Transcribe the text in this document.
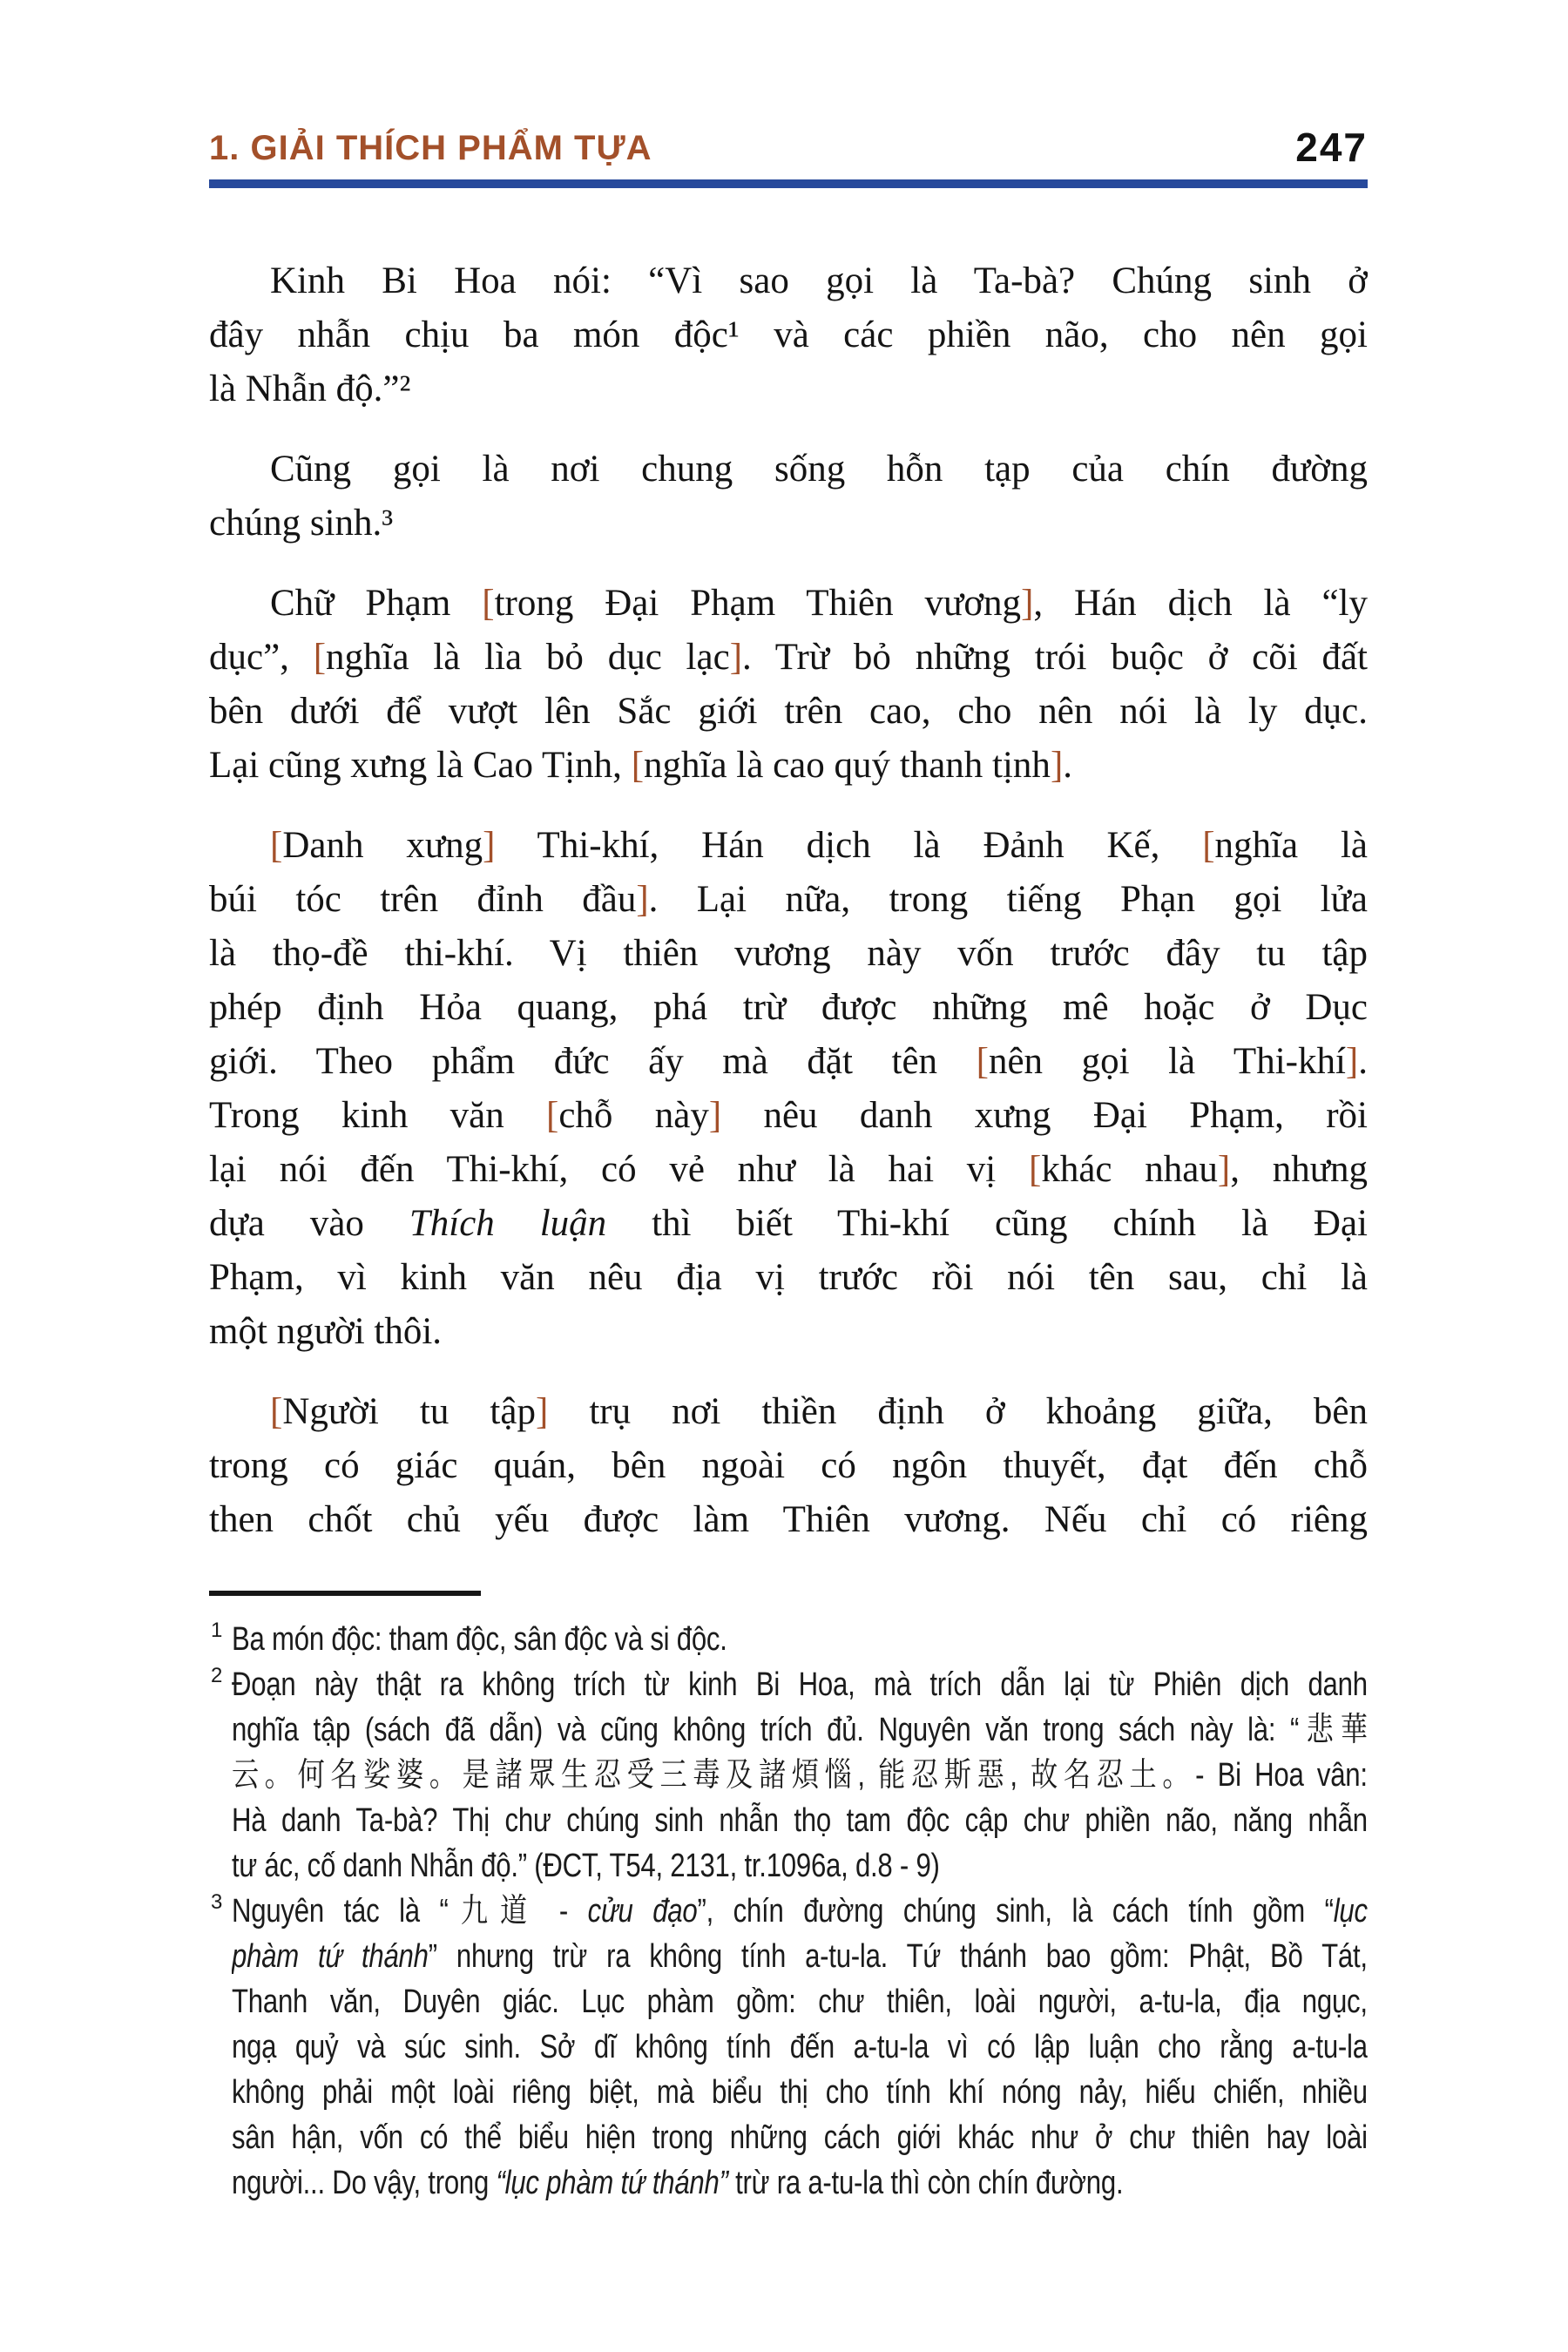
1. GIẢI THÍCH PHẨM TỰA	247
Kinh Bi Hoa nói: “Vì sao gọi là Ta-bà? Chúng sinh ở
đây nhẫn chịu ba món độc¹ và các phiền não, cho nên gọi
là Nhẫn độ.”²
Cũng gọi là nơi chung sống hỗn tạp của chín đường
chúng sinh.³
Chữ Phạm [trong Đại Phạm Thiên vương], Hán dịch là “ly
dục”, [nghĩa là lìa bỏ dục lạc]. Trừ bỏ những trói buộc ở cõi đất
bên dưới để vượt lên Sắc giới trên cao, cho nên nói là ly dục.
Lại cũng xưng là Cao Tịnh, [nghĩa là cao quý thanh tịnh].
[Danh xưng] Thi-khí, Hán dịch là Đảnh Kế, [nghĩa là
búi tóc trên đỉnh đầu]. Lại nữa, trong tiếng Phạn gọi lửa
là thọ-đề thi-khí. Vị thiên vương này vốn trước đây tu tập
phép định Hỏa quang, phá trừ được những mê hoặc ở Dục
giới. Theo phẩm đức ấy mà đặt tên [nên gọi là Thi-khí].
Trong kinh văn [chỗ này] nêu danh xưng Đại Phạm, rồi
lại nói đến Thi-khí, có vẻ như là hai vị [khác nhau], nhưng
dựa vào Thích luận thì biết Thi-khí cũng chính là Đại
Phạm, vì kinh văn nêu địa vị trước rồi nói tên sau, chỉ là
một người thôi.
[Người tu tập] trụ nơi thiền định ở khoảng giữa, bên
trong có giác quán, bên ngoài có ngôn thuyết, đạt đến chỗ
then chốt chủ yếu được làm Thiên vương. Nếu chỉ có riêng
1 Ba món độc: tham độc, sân độc và si độc.
2 Đoạn này thật ra không trích từ kinh Bi Hoa, mà trích dẫn lại từ Phiên dịch danh
nghĩa tập (sách đã dẫn) và cũng không trích đủ. Nguyên văn trong sách này là: “悲華
云。何名娑婆。是諸眾生忍受三毒及諸煩惱, 能忍斯惡, 故名忍土。- Bi Hoa vân:
Hà danh Ta-bà? Thị chư chúng sinh nhẫn thọ tam độc cập chư phiền não, năng nhẫn
tư ác, cố danh Nhẫn độ.” (ĐCT, T54, 2131, tr.1096a, d.8 - 9)
3 Nguyên tác là “九道 - cửu đạo”, chín đường chúng sinh, là cách tính gồm “lục
phàm tứ thánh” nhưng trừ ra không tính a-tu-la. Tứ thánh bao gồm: Phật, Bồ Tát,
Thanh văn, Duyên giác. Lục phàm gồm: chư thiên, loài người, a-tu-la, địa ngục,
ngạ quỷ và súc sinh. Sở dĩ không tính đến a-tu-la vì có lập luận cho rằng a-tu-la
không phải một loài riêng biệt, mà biểu thị cho tính khí nóng nảy, hiếu chiến, nhiều
sân hận, vốn có thể biểu hiện trong những cách giới khác như ở chư thiên hay loài
người... Do vậy, trong “lục phàm tứ thánh” trừ ra a-tu-la thì còn chín đường.
